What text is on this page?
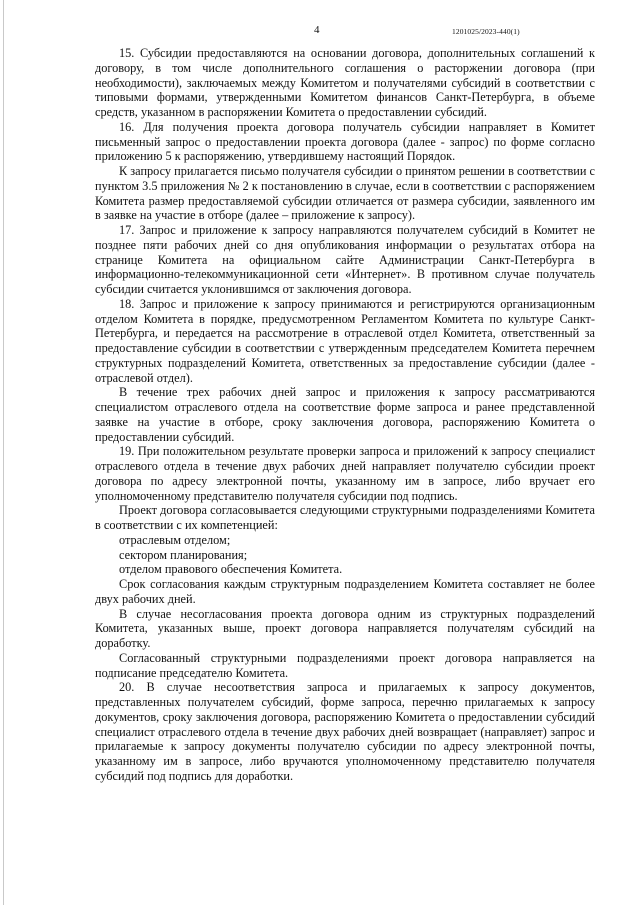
4	1201025/2023-440(1)

15. Субсидии предоставляются на основании договора, дополнительных соглашений к договору, в том числе дополнительного соглашения о расторжении договора (при необходимости), заключаемых между Комитетом и получателями субсидий в соответствии с типовыми формами, утвержденными Комитетом финансов Санкт-Петербурга, в объеме средств, указанном в распоряжении Комитета о предоставлении субсидий.

16. Для получения проекта договора получатель субсидии направляет в Комитет письменный запрос о предоставлении проекта договора (далее - запрос) по форме согласно приложению 5 к распоряжению, утвердившему настоящий Порядок.

К запросу прилагается письмо получателя субсидии о принятом решении в соответствии с пунктом 3.5 приложения № 2 к постановлению в случае, если в соответствии с распоряжением Комитета размер предоставляемой субсидии отличается от размера субсидии, заявленного им в заявке на участие в отборе (далее – приложение к запросу).

17. Запрос и приложение к запросу направляются получателем субсидий в Комитет не позднее пяти рабочих дней со дня опубликования информации о результатах отбора на странице Комитета на официальном сайте Администрации Санкт-Петербурга в информационно-телекоммуникационной сети «Интернет». В противном случае получатель субсидии считается уклонившимся от заключения договора.

18. Запрос и приложение к запросу принимаются и регистрируются организационным отделом Комитета в порядке, предусмотренном Регламентом Комитета по культуре Санкт-Петербурга, и передается на рассмотрение в отраслевой отдел Комитета, ответственный за предоставление субсидии в соответствии с утвержденным председателем Комитета перечнем структурных подразделений Комитета, ответственных за предоставление субсидии (далее - отраслевой отдел).

В течение трех рабочих дней запрос и приложения к запросу рассматриваются специалистом отраслевого отдела на соответствие форме запроса и ранее представленной заявке на участие в отборе, сроку заключения договора, распоряжению Комитета о предоставлении субсидий.

19. При положительном результате проверки запроса и приложений к запросу специалист отраслевого отдела в течение двух рабочих дней направляет получателю субсидии проект договора по адресу электронной почты, указанному им в запросе, либо вручает его уполномоченному представителю получателя субсидии под подпись.

Проект договора согласовывается следующими структурными подразделениями Комитета в соответствии с их компетенцией:

отраслевым отделом;

сектором планирования;

отделом правового обеспечения Комитета.

Срок согласования каждым структурным подразделением Комитета составляет не более двух рабочих дней.

В случае несогласования проекта договора одним из структурных подразделений Комитета, указанных выше, проект договора направляется получателям субсидий на доработку.

Согласованный структурными подразделениями проект договора направляется на подписание председателю Комитета.

20. В случае несоответствия запроса и прилагаемых к запросу документов, представленных получателем субсидий, форме запроса, перечню прилагаемых к запросу документов, сроку заключения договора, распоряжению Комитета о предоставлении субсидий специалист отраслевого отдела в течение двух рабочих дней возвращает (направляет) запрос и прилагаемые к запросу документы получателю субсидии по адресу электронной почты, указанному им в запросе, либо вручаются уполномоченному представителю получателя субсидий под подпись для доработки.
